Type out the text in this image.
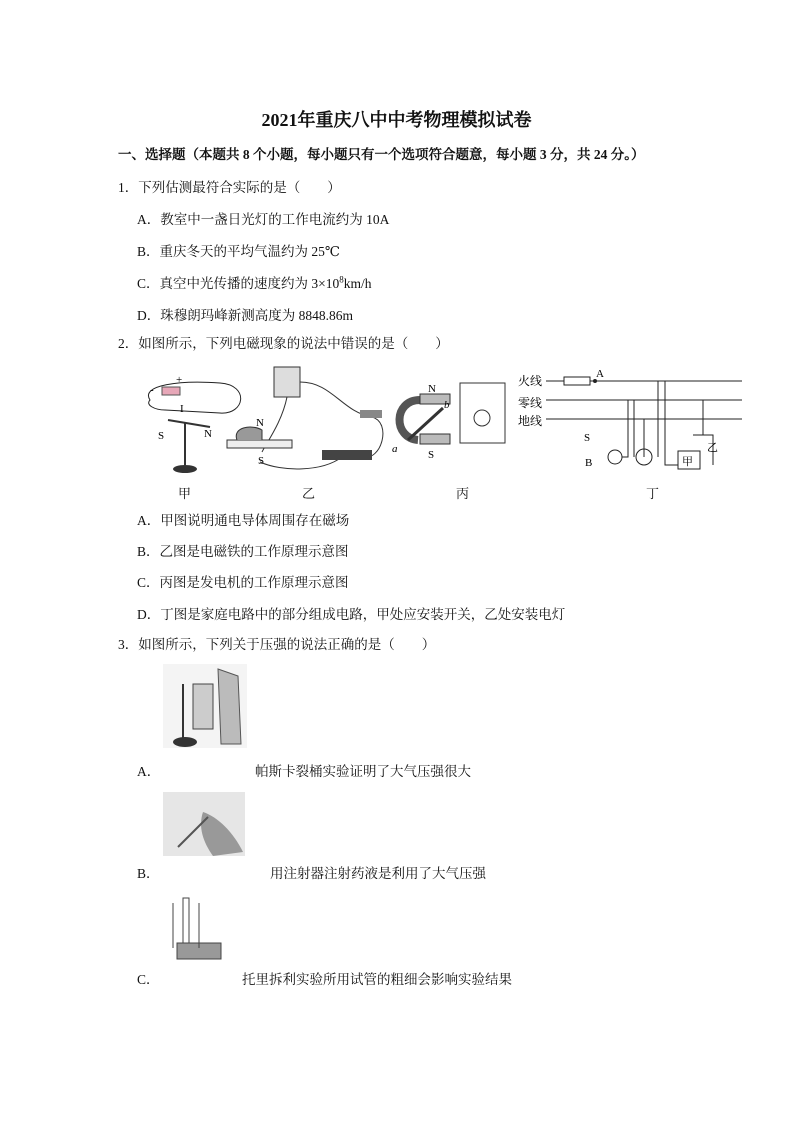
2021年重庆八中中考物理模拟试卷
一、选择题（本题共 8 个小题，每小题只有一个选项符合题意，每小题 3 分，共 24 分。）
1．下列估测最符合实际的是（　　）
A．教室中一盏日光灯的工作电流约为 10A
B．重庆冬天的平均气温约为 25℃
C．真空中光传播的速度约为 $3\times 10^8km/h$
D．珠穆朗玛峰新测高度为 8848.86m
2．如图所示，下列电磁现象的说法中错误的是（　　）
-
+
I
S	N
N
S
N
S
a
b
火线
零线
地线
A
S
B	甲
乙
甲	乙	丙	丁
A．甲图说明通电导体周围存在磁场
B．乙图是电磁铁的工作原理示意图
C．丙图是发电机的工作原理示意图
D．丁图是家庭电路中的部分组成电路，甲处应安装开关，乙处安装电灯
3．如图所示，下列关于压强的说法正确的是（　　）
A．	帕斯卡裂桶实验证明了大气压强很大
B．	用注射器注射药液是利用了大气压强
C．	托里拆利实验所用试管的粗细会影响实验结果
